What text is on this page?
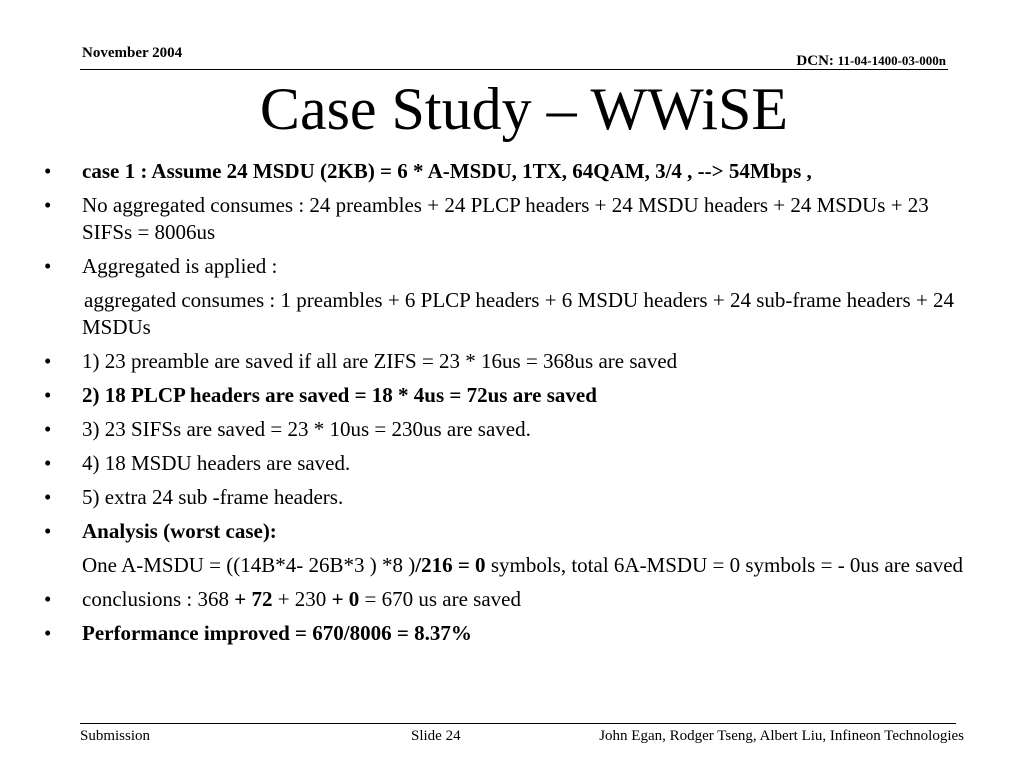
November 2004	DCN: 11-04-1400-03-000n
Case Study – WWiSE
• case 1 : Assume 24 MSDU (2KB) = 6 * A-MSDU, 1TX, 64QAM, 3/4 , --> 54Mbps ,
• No aggregated consumes : 24 preambles + 24 PLCP headers + 24 MSDU headers + 24 MSDUs + 23 SIFSs = 8006us
• Aggregated is applied :
aggregated consumes : 1 preambles + 6 PLCP headers + 6 MSDU headers + 24 sub-frame headers + 24 MSDUs
• 1) 23 preamble are saved if all are ZIFS = 23 * 16us = 368us are saved
• 2) 18 PLCP headers are saved = 18 * 4us = 72us are saved
• 3) 23 SIFSs are saved = 23 * 10us = 230us are saved.
• 4) 18 MSDU headers are saved.
• 5) extra 24 sub -frame headers.
• Analysis (worst case):
One A-MSDU = ((14B*4- 26B*3 ) *8 )/216 = 0 symbols, total 6A-MSDU = 0 symbols = - 0us are saved
• conclusions : 368 + 72 + 230 + 0 = 670 us are saved
• Performance improved = 670/8006 = 8.37%
Submission	Slide 24	John Egan, Rodger Tseng, Albert Liu, Infineon Technologies
